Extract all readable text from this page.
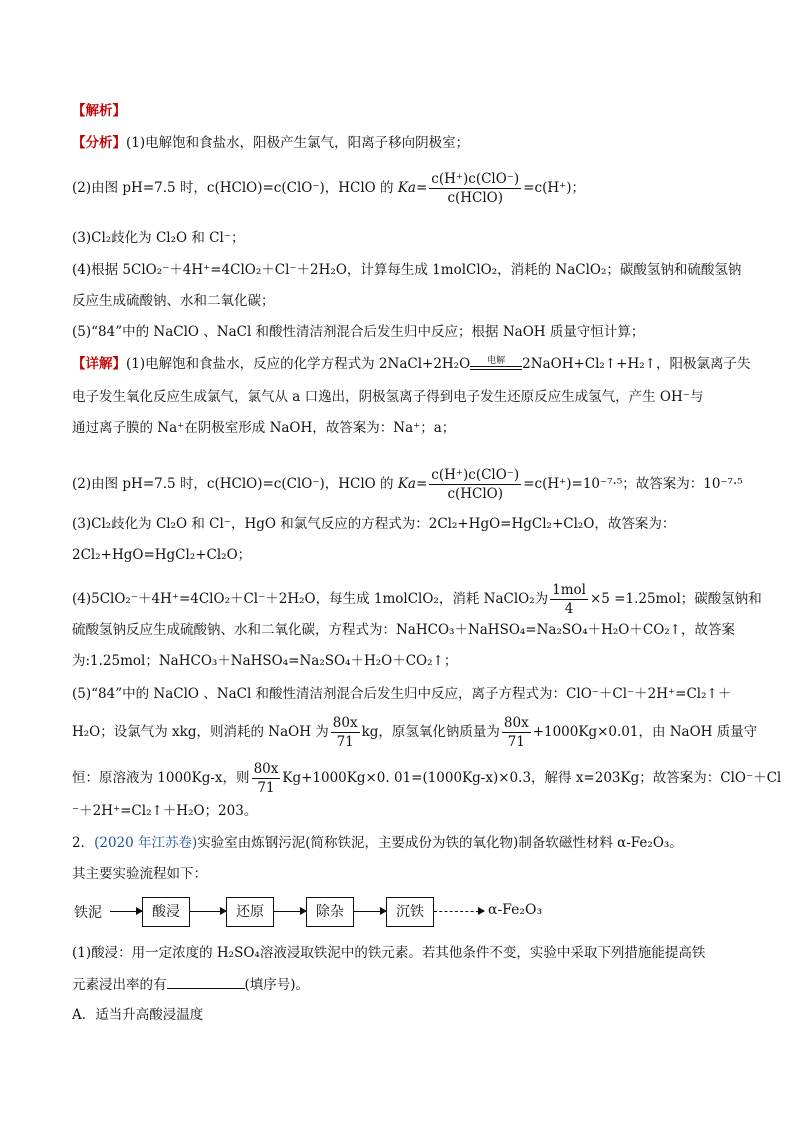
【解析】
【分析】(1)电解饱和食盐水，阳极产生氯气，阳离子移向阴极室；
(2)由图 pH=7.5 时，c(HClO)=c(ClO⁻)，HClO 的 $Ka= \frac{\text{c(H⁺)c(ClO⁻)}}{\text{c(HClO)}} =c(H^+)$；
(3)Cl₂歧化为 Cl₂O 和 Cl⁻；
(4)根据 5ClO₂⁻＋4H⁺=4ClO₂＋Cl⁻＋2H₂O，计算每生成 1molClO₂，消耗的 NaClO₂；碳酸氢钠和硫酸氢钠
反应生成硫酸钠、水和二氧化碳；
(5)“84”中的 NaClO 、NaCl 和酸性清洁剂混合后发生归中反应；根据 NaOH 质量守恒计算；
【详解】(1)电解饱和食盐水，反应的化学方程式为 2NaCl+2H₂O	电解	2NaOH+Cl₂↑+H₂↑，阳极氯离子失
电子发生氧化反应生成氯气，氯气从 a 口逸出，阴极氢离子得到电子发生还原反应生成氢气，产生 OH⁻与
通过离子膜的 Na⁺在阴极室形成 NaOH，故答案为：Na⁺；a；
(2)由图 pH=7.5 时，c(HClO)=c(ClO⁻)，HClO 的 $Ka= \frac{\text{c(H⁺)c(ClO⁻)}}{\text{c(HClO)}} =c(H^+)=10^{-7}\cdot^5$；故答案为：10⁻⁷·⁵
(3)Cl₂歧化为 Cl₂O 和 Cl⁻，HgO 和氯气反应的方程式为：2Cl₂+HgO=HgCl₂+Cl₂O，故答案为：
2Cl₂+HgO=HgCl₂+Cl₂O；
(4)5ClO₂⁻＋4H⁺=4ClO₂＋Cl⁻＋2H₂O，每生成 1molClO₂，消耗 NaClO₂为 $\frac{\text{1mol}}{4} \times 5 =1.25mol$；碳酸氢钠和
硫酸氢钠反应生成硫酸钠、水和二氧化碳，方程式为：NaHCO₃＋NaHSO₄=Na₂SO₄＋H₂O＋CO₂↑，故答案
为:1.25mol；NaHCO₃＋NaHSO₄=Na₂SO₄＋H₂O＋CO₂↑；
(5)“84”中的 NaClO 、NaCl 和酸性清洁剂混合后发生归中反应，离子方程式为：ClO⁻＋Cl⁻＋2H⁺=Cl₂↑＋
H₂O；设氯气为 xkg，则消耗的 NaOH 为 $\frac{80x}{71}$ kg，原氢氧化钠质量为 $\frac{80x}{71} +1000Kg\times 0.01$，由 NaOH 质量守
恒：原溶液为 1000Kg-x，则 $\frac{80x}{71} Kg+1000Kg\times 0$. 01=(1000Kg-x)×0.3，解得 x=203Kg；故答案为：ClO⁻＋Cl
⁻＋2H⁺=Cl₂↑＋H₂O；203。
2．(2020 年江苏卷)实验室由炼钢污泥(简称铁泥，主要成份为铁的氧化物)制备软磁性材料 α-Fe₂O₃。
其主要实验流程如下：
铁泥	酸浸	还原	除杂	沉铁	α-Fe₂O₃
(1)酸浸：用一定浓度的 H₂SO₄溶液浸取铁泥中的铁元素。若其他条件不变，实验中采取下列措施能提高铁
元素浸出率的有	(填序号)。
A．适当升高酸浸温度
